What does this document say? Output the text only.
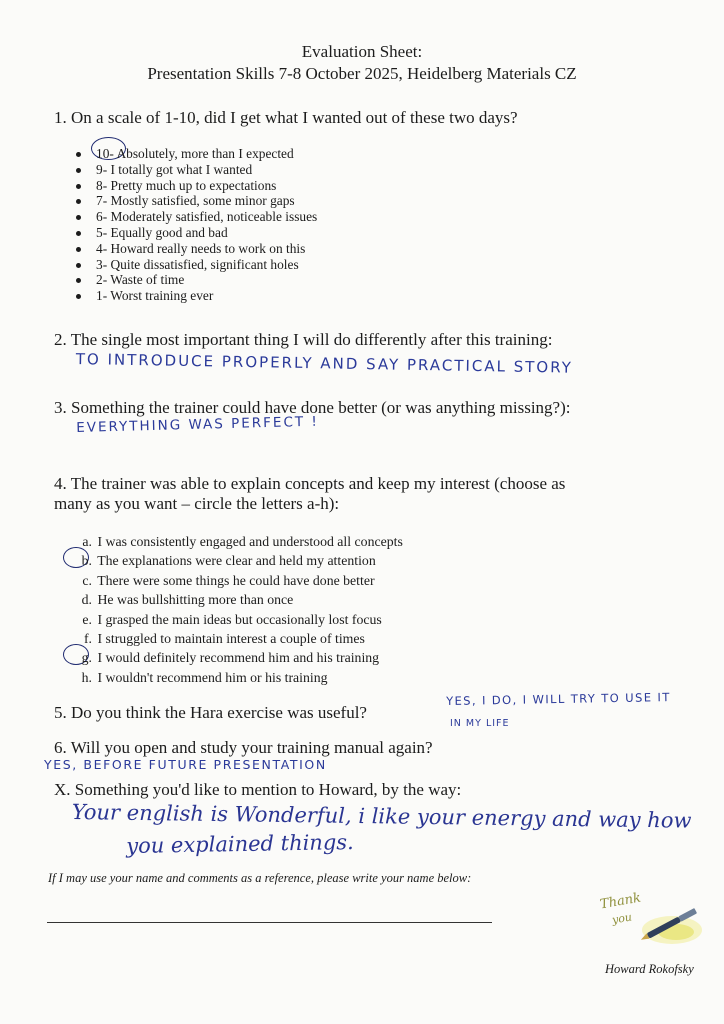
Evaluation Sheet:
Presentation Skills 7-8 October 2025, Heidelberg Materials CZ
1. On a scale of 1-10, did I get what I wanted out of these two days?
10- Absolutely, more than I expected
9- I totally got what I wanted
8- Pretty much up to expectations
7- Mostly satisfied, some minor gaps
6- Moderately satisfied, noticeable issues
5- Equally good and bad
4- Howard really needs to work on this
3- Quite dissatisfied, significant holes
2- Waste of time
1- Worst training ever
2. The single most important thing I will do differently after this training:
TO INTRODUCE PROPERLY AND SAY PRACTICAL STORY
3. Something the trainer could have done better (or was anything missing?):
EVERYTHING WAS PERFECT !
4. The trainer was able to explain concepts and keep my interest (choose as
many as you want – circle the letters a-h):
a. I was consistently engaged and understood all concepts
b. The explanations were clear and held my attention
c. There were some things he could have done better
d. He was bullshitting more than once
e. I grasped the main ideas but occasionally lost focus
f. I struggled to maintain interest a couple of times
g. I would definitely recommend him and his training
h. I wouldn't recommend him or his training
5. Do you think the Hara exercise was useful?
YES, I DO, I WILL TRY TO USE IT
IN MY LIFE
6. Will you open and study your training manual again?
YES, BEFORE FUTURE PRESENTATION
X. Something you'd like to mention to Howard, by the way:
Your english is Wonderful, i like your energy and way how
you explained things.
If I may use your name and comments as a reference, please write your name below:
Thank
you
Howard Rokofsky
